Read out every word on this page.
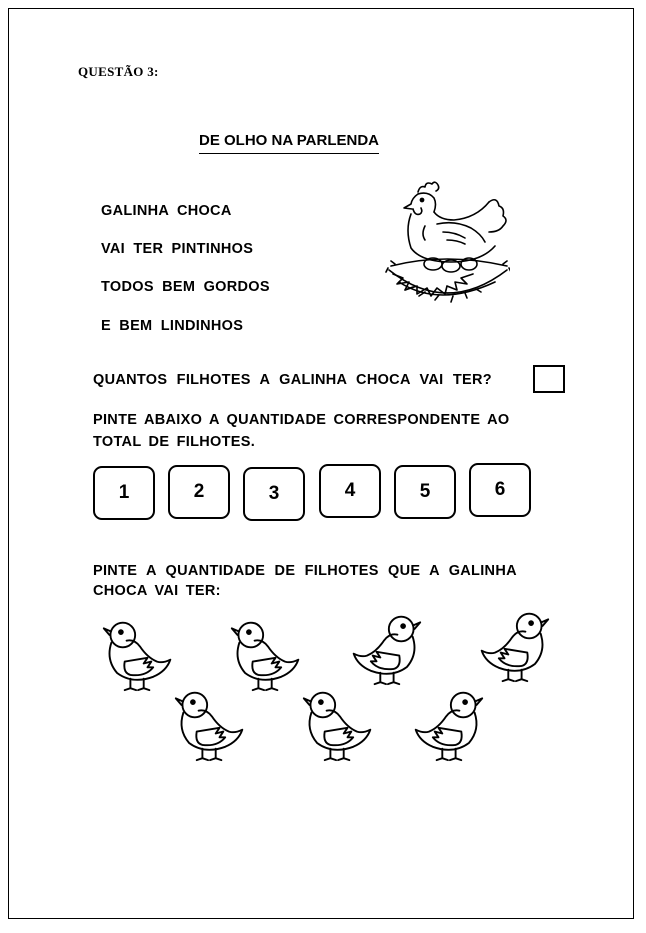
QUESTÃO 3:
DE OLHO NA PARLENDA
GALINHA CHOCA
VAI TER PINTINHOS
TODOS BEM GORDOS
E BEM LINDINHOS
QUANTOS FILHOTES A GALINHA CHOCA VAI TER?
PINTE ABAIXO A QUANTIDADE CORRESPONDENTE AO
TOTAL DE FILHOTES.
1	2	3	4	5	6
PINTE A QUANTIDADE DE FILHOTES QUE A GALINHA
CHOCA VAI TER:
